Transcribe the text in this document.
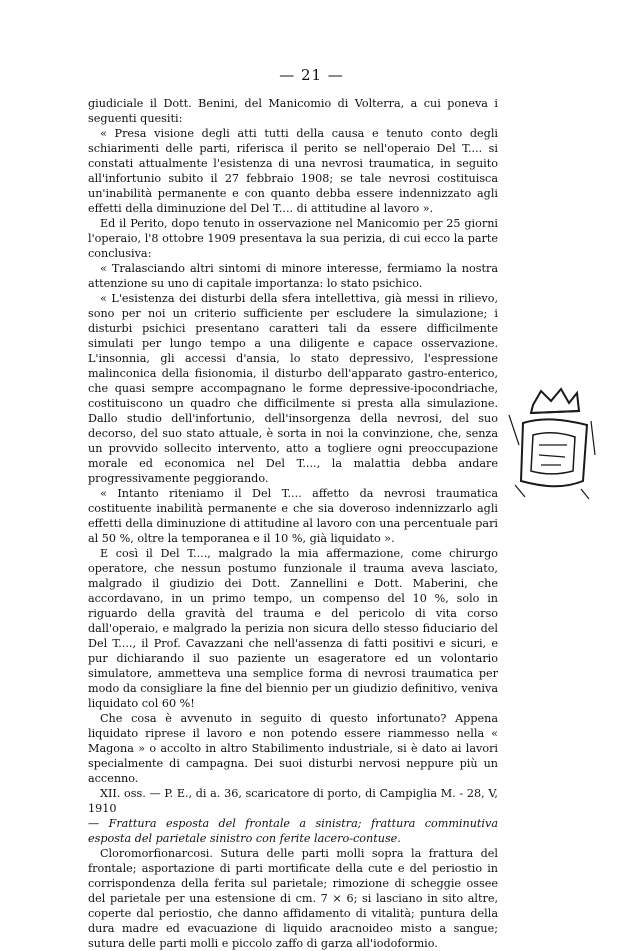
— 21 —

giudiciale il Dott. Benini, del Manicomio di Volterra, a cui poneva i seguenti quesiti:

« Presa visione degli atti tutti della causa e tenuto conto degli schiarimenti delle parti, riferisca il perito se nell'operaio Del T.... si constati attualmente l'esistenza di una nevrosi traumatica, in seguito all'infortunio subito il 27 febbraio 1908; se tale nevrosi costituisca un'inabilità permanente e con quanto debba essere indennizzato agli effetti della diminuzione del Del T.... di attitudine al lavoro ».

Ed il Perito, dopo tenuto in osservazione nel Manicomio per 25 giorni l'operaio, l'8 ottobre 1909 presentava la sua perizia, di cui ecco la parte conclusiva:

« Tralasciando altri sintomi di minore interesse, fermiamo la nostra attenzione su uno di capitale importanza: lo stato psichico.

« L'esistenza dei disturbi della sfera intellettiva, già messi in rilievo, sono per noi un criterio sufficiente per escludere la simulazione; i disturbi psichici presentano caratteri tali da essere difficilmente simulati per lungo tempo a una diligente e capace osservazione. L'insonnia, gli accessi d'ansia, lo stato depressivo, l'espressione malinconica della fisionomia, il disturbo dell'apparato gastro-enterico, che quasi sempre accompagnano le forme depressive-ipocondriache, costituiscono un quadro che difficilmente si presta alla simulazione. Dallo studio dell'infortunio, dell'insorgenza della nevrosi, del suo decorso, del suo stato attuale, è sorta in noi la convinzione, che, senza un provvido sollecito intervento, atto a togliere ogni preoccupazione morale ed economica nel Del T...., la malattia debba andare progressivamente peggiorando.

« Intanto riteniamo il Del T.... affetto da nevrosi traumatica costituente inabilità permanente e che sia doveroso indennizzarlo agli effetti della diminuzione di attitudine al lavoro con una percentuale pari al 50 %, oltre la temporanea e il 10 %, già liquidato ».

E così il Del T...., malgrado la mia affermazione, come chirurgo operatore, che nessun postumo funzionale il trauma aveva lasciato, malgrado il giudizio dei Dott. Zannellini e Dott. Maberini, che accordavano, in un primo tempo, un compenso del 10 %, solo in riguardo della gravità del trauma e del pericolo di vita corso dall'operaio, e malgrado la perizia non sicura dello stesso fiduciario del Del T...., il Prof. Cavazzani che nell'assenza di fatti positivi e sicuri, e pur dichiarando il suo paziente un esageratore ed un volontario simulatore, ammetteva una semplice forma di nevrosi traumatica per modo da consigliare la fine del biennio per un giudizio definitivo, veniva liquidato col 60 %!

Che cosa è avvenuto in seguito di questo infortunato? Appena liquidato riprese il lavoro e non potendo essere riammesso nella « Magona » o accolto in altro Stabilimento industriale, si è dato ai lavori specialmente di campagna. Dei suoi disturbi nervosi neppure più un accenno.

XII. oss. — P. E., di a. 36, scaricatore di porto, di Campiglia M. - 28, V, 1910

— Frattura esposta del frontale a sinistra; frattura comminutiva esposta del parietale sinistro con ferite lacero-contuse.

Cloromorfionarcosi. Sutura delle parti molli sopra la frattura del frontale; asportazione di parti mortificate della cute e del periostio in corrispondenza della ferita sul parietale; rimozione di scheggie ossee del parietale per una estensione di cm. 7 × 6; si lasciano in sito altre, coperte dal periostio, che danno affidamento di vitalità; puntura della dura madre ed evacuazione di liquido aracnoideo misto a sangue; sutura delle parti molli e piccolo zaffo di garza all'iodoformio.
